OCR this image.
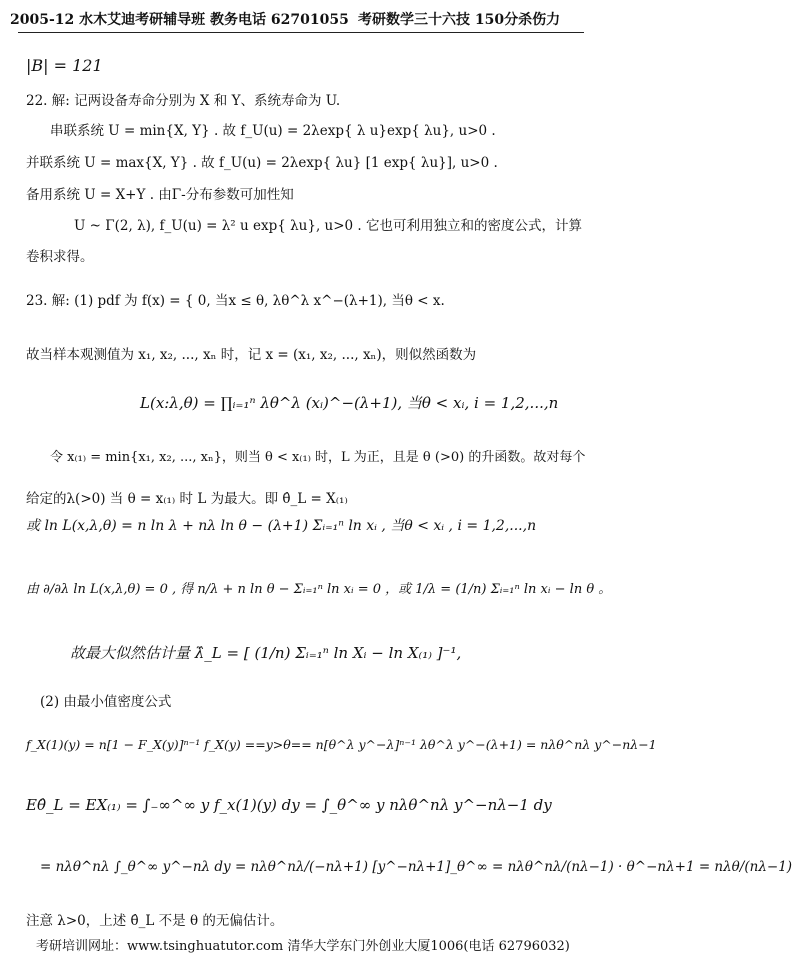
2005-12 水木艾迪考研辅导班 教务电话 62701055 考研数学三十六技 150分杀伤力
|B| = 121
22. 解: 记两设备寿命分别为 X 和 Y、系统寿命为 U.
串联系统 U = min{X, Y} . 故 f_U(u) = 2λexp{ λ u}exp{ λu}, u>0 .
并联系统 U = max{X, Y} . 故 f_U(u) = 2λexp{ λu} [1 exp{ λu}], u>0 .
备用系统 U = X+Y . 由Γ-分布参数可加性知
U ~ Γ(2, λ), f_U(u) = λ² u exp{ λu}, u>0 . 它也可利用独立和的密度公式，计算
卷积求得。
23. 解: (1) pdf 为 f(x) = { 0, 当x ≤ θ, λθ^λ x^−(λ+1), 当θ < x.
故当样本观测值为 x₁, x₂, ..., xₙ 时，记 x = (x₁, x₂, ..., xₙ)，则似然函数为
L(x:λ,θ) = ∏ᵢ₌₁ⁿ λθ^λ (xᵢ)^−(λ+1), 当θ < xᵢ, i = 1,2,...,n
令 x₍₁₎ = min{x₁, x₂, ..., xₙ}，则当 θ < x₍₁₎ 时，L 为正，且是 θ (>0) 的升函数。故对每个
给定的λ(>0) 当 θ = x₍₁₎ 时 L 为最大。即 θ̂_L = X₍₁₎
或 ln L(x,λ,θ) = n ln λ + nλ ln θ − (λ+1) Σᵢ₌₁ⁿ ln xᵢ , 当θ < xᵢ , i = 1,2,...,n
由 ∂/∂λ ln L(x,λ,θ) = 0 , 得 n/λ + n ln θ − Σᵢ₌₁ⁿ ln xᵢ = 0 ，或 1/λ = (1/n) Σᵢ₌₁ⁿ ln xᵢ − ln θ 。
故最大似然估计量 λ̂_L = [ (1/n) Σᵢ₌₁ⁿ ln Xᵢ − ln X₍₁₎ ]⁻¹,
(2) 由最小值密度公式
f_X(1)(y) = n[1 − F_X(y)]ⁿ⁻¹ f_X(y) ==y>θ== n[θ^λ y^−λ]ⁿ⁻¹ λθ^λ y^−(λ+1) = nλθ^nλ y^−nλ−1
Eθ̂_L = EX₍₁₎ = ∫₋∞^∞ y f_x(1)(y) dy = ∫_θ^∞ y nλθ^nλ y^−nλ−1 dy
= nλθ^nλ ∫_θ^∞ y^−nλ dy = nλθ^nλ/(−nλ+1) [y^−nλ+1]_θ^∞ = nλθ^nλ/(nλ−1) · θ^−nλ+1 = nλθ/(nλ−1)
注意 λ>0，上述 θ̂_L 不是 θ 的无偏估计。
考研培训网址：www.tsinghuatutor.com 清华大学东门外创业大厦1006(电话 62796032)
